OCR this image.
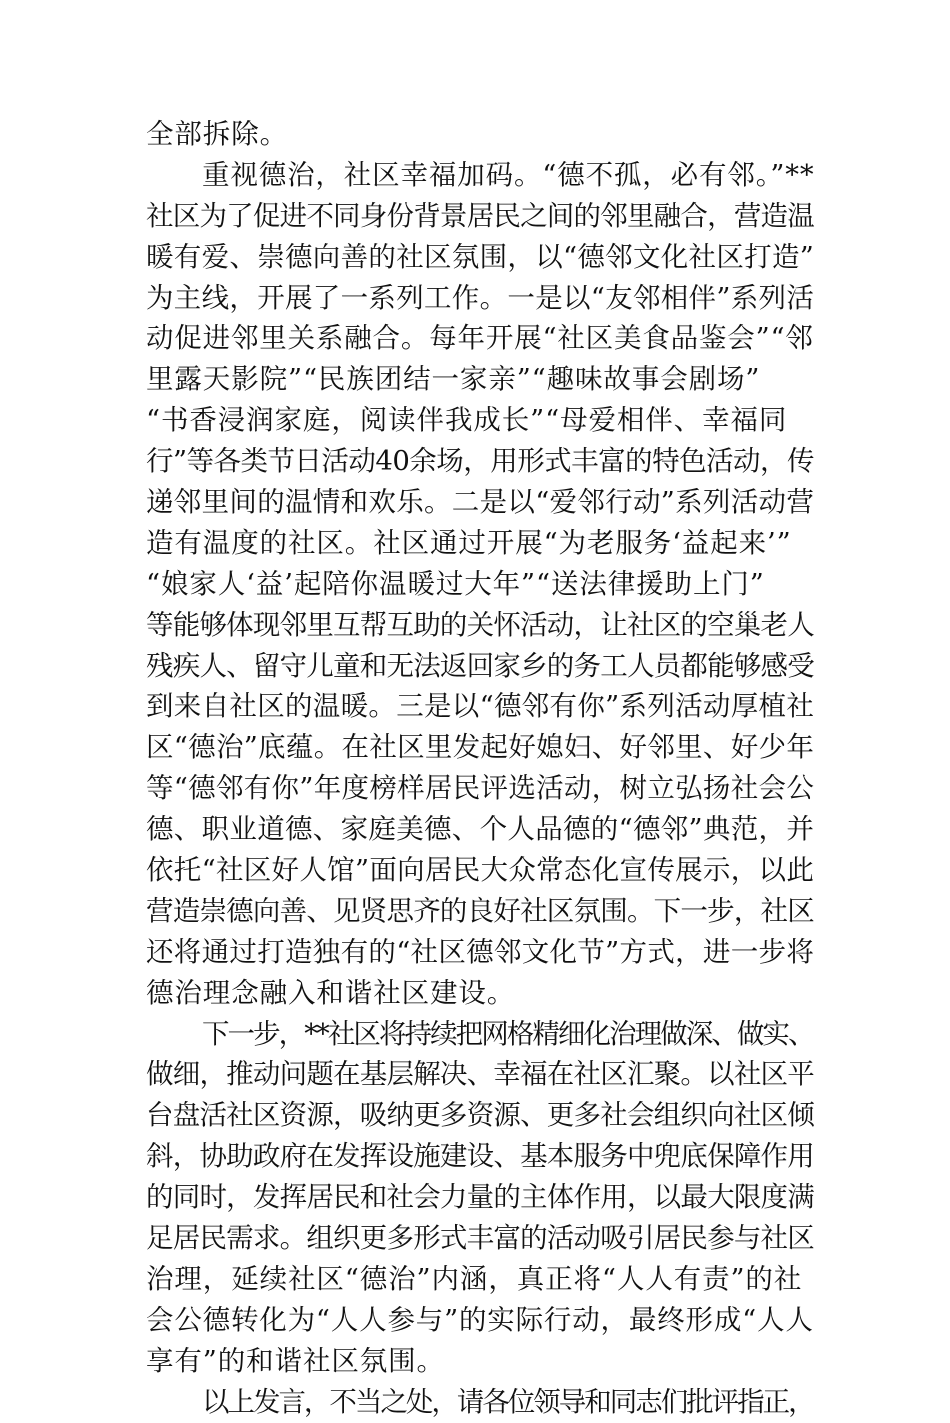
全部拆除。
重视德治，社区幸福加码。“德不孤，必有邻。”**
社区为了促进不同身份背景居民之间的邻里融合，营造温
暖有爱、崇德向善的社区氛围，以“德邻文化社区打造”
为主线，开展了一系列工作。一是以“友邻相伴”系列活
动促进邻里关系融合。每年开展“社区美食品鉴会”“邻
里露天影院”“民族团结一家亲”“趣味故事会剧场”
“书香浸润家庭，阅读伴我成长”“母爱相伴、幸福同
行”等各类节日活动40余场，用形式丰富的特色活动，传
递邻里间的温情和欢乐。二是以“爱邻行动”系列活动营
造有温度的社区。社区通过开展“为老服务‘益起来’”
“娘家人‘益’起陪你温暖过大年”“送法律援助上门”
等能够体现邻里互帮互助的关怀活动，让社区的空巢老人
残疾人、留守儿童和无法返回家乡的务工人员都能够感受
到来自社区的温暖。三是以“德邻有你”系列活动厚植社
区“德治”底蕴。在社区里发起好媳妇、好邻里、好少年
等“德邻有你”年度榜样居民评选活动，树立弘扬社会公
德、职业道德、家庭美德、个人品德的“德邻”典范，并
依托“社区好人馆”面向居民大众常态化宣传展示，以此
营造崇德向善、见贤思齐的良好社区氛围。下一步，社区
还将通过打造独有的“社区德邻文化节”方式，进一步将
德治理念融入和谐社区建设。
下一步，**社区将持续把网格精细化治理做深、做实、
做细，推动问题在基层解决、幸福在社区汇聚。以社区平
台盘活社区资源，吸纳更多资源、更多社会组织向社区倾
斜，协助政府在发挥设施建设、基本服务中兜底保障作用
的同时，发挥居民和社会力量的主体作用，以最大限度满
足居民需求。组织更多形式丰富的活动吸引居民参与社区
治理，延续社区“德治”内涵，真正将“人人有责”的社
会公德转化为“人人参与”的实际行动，最终形成“人人
享有”的和谐社区氛围。
以上发言，不当之处，请各位领导和同志们批评指正，
